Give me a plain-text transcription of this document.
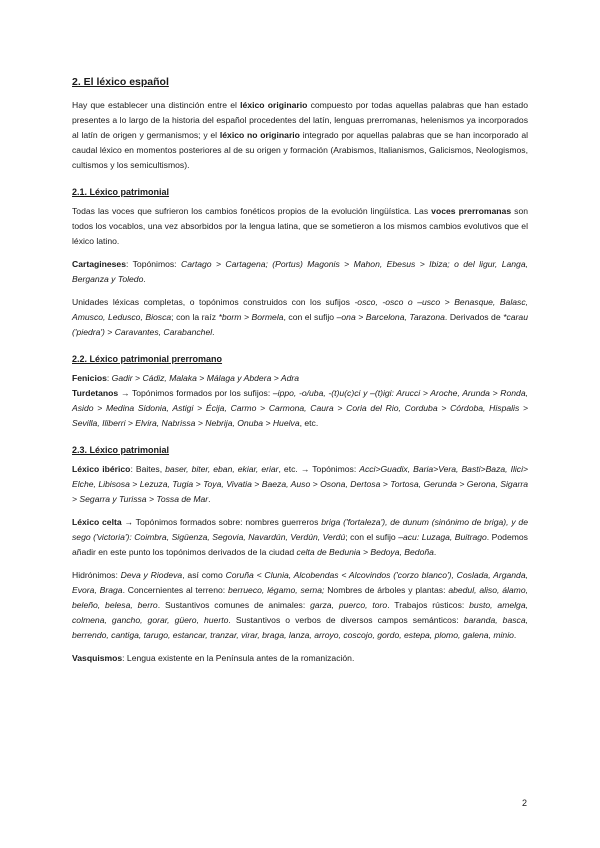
2. El léxico español

Hay que establecer una distinción entre el léxico originario compuesto por todas aquellas palabras que han estado presentes a lo largo de la historia del español procedentes del latín, lenguas prerromanas, helenismos ya incorporados al latín de origen y germanismos; y el léxico no originario integrado por aquellas palabras que se han incorporado al caudal léxico en momentos posteriores al de su origen y formación (Arabismos, Italianismos, Galicismos, Neologismos, cultismos y los semicultismos).

2.1. Léxico patrimonial

Todas las voces que sufrieron los cambios fonéticos propios de la evolución lingüística. Las voces prerromanas son todos los vocablos, una vez absorbidos por la lengua latina, que se sometieron a los mismos cambios evolutivos que el léxico latino.

Cartagineses: Topónimos: Cartago > Cartagena; (Portus) Magonis > Mahon, Ebesus > Ibiza; o del ligur, Langa, Berganza y Toledo.

Unidades léxicas completas, o topónimos construidos con los sufijos -osco, -osco o –usco > Benasque, Balasc, Amusco, Ledusco, Biosca; con la raíz *borm > Bormela, con el sufijo –ona > Barcelona, Tarazona. Derivados de *carau ('piedra') > Caravantes, Carabanchel.

2.2. Léxico patrimonial prerromano

Fenicios: Gadir > Cádiz, Malaka > Málaga y Abdera > Adra

Turdetanos → Topónimos formados por los sufijos: –ippo, -o/uba, -(t)u(c)ci y –(t)igi: Arucci > Aroche, Arunda > Ronda, Asido > Medina Sidonia, Astigi > Écija, Carmo > Carmona, Caura > Coria del Rio, Corduba > Córdoba, Hispalis > Sevilla, Iliberri > Elvira, Nabrissa > Nebrija, Onuba > Huelva, etc.

2.3. Léxico patrimonial

Léxico ibérico: Baites, baser, biter, eban, ekiar, eriar, etc. → Topónimos: Acci>Guadix, Baria>Vera, Basti>Baza, Ilici> Elche, Libisosa > Lezuza, Tugia > Toya, Vivatia > Baeza, Auso > Osona, Dertosa > Tortosa, Gerunda > Gerona, Sigarra > Segarra y Turissa > Tossa de Mar.

Léxico celta → Topónimos formados sobre: nombres guerreros briga ('fortaleza'), de dunum (sinónimo de briga), y de sego ('victoria'): Coimbra, Sigüenza, Segovia, Navardún, Verdún, Verdú; con el sufijo –acu: Luzaga, Buitrago. Podemos añadir en este punto los topónimos derivados de la ciudad celta de Bedunia > Bedoya, Bedoña.

Hidrónimos: Deva y Riodeva, así como Coruña < Clunia, Alcobendas < Alcovindos ('corzo blanco'), Coslada, Arganda, Evora, Braga. Concernientes al terreno: berrueco, légamo, serna; Nombres de árboles y plantas: abedul, aliso, álamo, beleño, belesa, berro. Sustantivos comunes de animales: garza, puerco, toro. Trabajos rústicos: busto, amelga, colmena, gancho, gorar, güero, huerto. Sustantivos o verbos de diversos campos semánticos: baranda, basca, berrendo, cantiga, tarugo, estancar, tranzar, virar, braga, lanza, arroyo, coscojo, gordo, estepa, plomo, galena, minio.

Vasquismos: Lengua existente en la Península antes de la romanización.

2
